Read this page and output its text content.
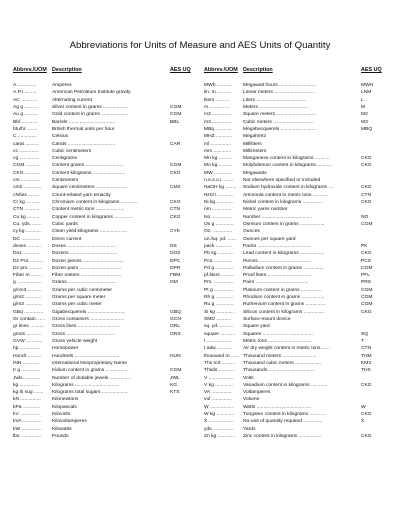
Abbreviations for Units of Measure and AES Units of Quantity
Abbrev./UOM Description	AES UQ
A ..............	Amperes
A.P.I .........	American Petroleum Institute gravity
AC ............	Alternating current
Ag g ..........	Silver content in grams ..................	CGM
Au g ..........	Gold content in grams ....................	CGM
Bbl ............	Barrels ..................................	BBL
btu/hr. .......	British thermal units per hour
C ..............	Celsius
carat ..........	Carats ...................................	CAR
cc ..............	Cubic centimeters
cg ..............	Centigrams
CGM ...........	Content grams ............................	CGM
CKG ...........	Content kilograms ........................	CKG
cm ..............	Centimeters
cm2 .............	Square centimeters .......................	CM2
cN/tex ........	Count-related yarn tenacity
Cr kg ..........	Chromium content in kilograms ............	CKG
CTN ............	Content metric tons .....................	CTN
Cu kg ..........	Copper content in kilograms ..............	CKG
Cu. yds. .......	Cubic yards
cy kg ...........	Clean yield kilograms ....................	CYK
DC ..............	Direct current
doses ..........	Doses ....................................	DS
Doz. ............	Dozens ...................................	DOZ
Dz Pcs ..........	Dozen pieces ..............................	DPC
Dz prs. .........	Dozen pairs ...............................	DPR
Fiber m ........	Fiber meters ..............................	FBM
g ..................	Grams ....................................	GM
g/cm3 ..........	Grams per cubic centimeter
g/m2 ............	Grams per square meter
g/m3 ............	Grams per cubic meter
GBq ..............	Gigabecquerels ............................	GBQ
Gr contain. .....	Gross containers .........................	GCN
gr lines ..........	Gross lines ...............................	GRL
gross ...........	Gross ....................................	GRS
GVW ............	Gross vehicle weight
hp ...............	Horsepower
Hundr ..........	Hundreds .................................	HUN
INN ............	International Nonproprietary Name
Ir g ..............	Iridium content in grams .................	CGM
Jwls. ...........	Number of dutiable jewels ................	JWL
kg ...............	Kilograms ................................	KG
kg tti sug .......	Kilograms total sugars ...................	KTS
kN ...............	Kilonewtons
kPa .............	Kilopascals
kV ...............	Kilovolts
kVA ..............	Kilovoltamperes
kW ...............	Kilowatts
lbs. ..............	Pounds
Abbrev./UOM Description	AES UQ
MWh ...........	Megawatt hours ...........................	MWH
lin. m ..........	Linear meters ..............................	LNM
liters ..........	Liters .....................................	L
m ...............	Meters ....................................	M
m2 ..............	Square meters .............................	M2
m3 ..............	Cubic meters ..............................	M3
MBq ............	Megabecquerels ...........................	MBQ
MHZ ............	Megahertz
ml ...............	Milliliters
mm .............	Millimeters
Mn kg ..........	Manganese content in kilograms ...........	CKG
Mo kg ..........	Molybdenum content in kilograms ...........	CKG
MW .............	Megawatts
n.e.s.o.i. .......	Not elsewhere specified or included
NaOH kg ........	Sodium hydroxide content in kilograms ....	CKG
NH3 t ...........	Ammonia content in metric tons ...........	CTN
Ni kg ............	Nickel content in kilograms ...............	CKG
nm ..............	Metric yarns number
No. ..............	Number .....................................	NO
Os g .............	Osmium content in grams ..................	CGM
Oz. ..............	Ounces
oz./sq. yd. ......	Ounces per square yard
pack ............	Packs .......................................	PK
Pb kg ...........	Lead content in kilograms ..................	CKG
Pcs. .............	Pieces ......................................	PCS
Pd g .............	Palladium content in grams ...............	CGM
pf.liters ..........	Proof liters ................................	PFL
Prs. ..............	Pairs .......................................	PRS
Pt g ..............	Platinum content in grams ...............	CGM
Rh g .............	Rhodium content in grams .................	CGM
Ru g .............	Ruthenium content in grams ...............	CGM
Si kg .............	Silicon content in kilograms ...............	CKG
SMD ...........	Surface-mount device
sq. yd. ..........	Square yard
square ...........	Squares .....................................	SQ
t ..................	Metric tons ................................	T
t adw ...........	Air dry weight content in metric tons ......	CTN
thousand m ...... Thousand meters .........................	THM
Ths m3 ..........	Thousand cubic meters ...................	KM3
Thsds ............	Thousands ..................................	THS
V ..................	Volts
V kg .............	Vanadium content in kilograms ............	CKG
VA ...............	Voltamperes
vol ...............	Volume
W .................	Watts ........................................	W
W kg .............	Tungsten content in kilograms ............	CKG
X ..................	No-unit of quantity required ..............	X
yds. ..............	Yards
Zn kg .............	Zinc content in kilograms .................	CKG
